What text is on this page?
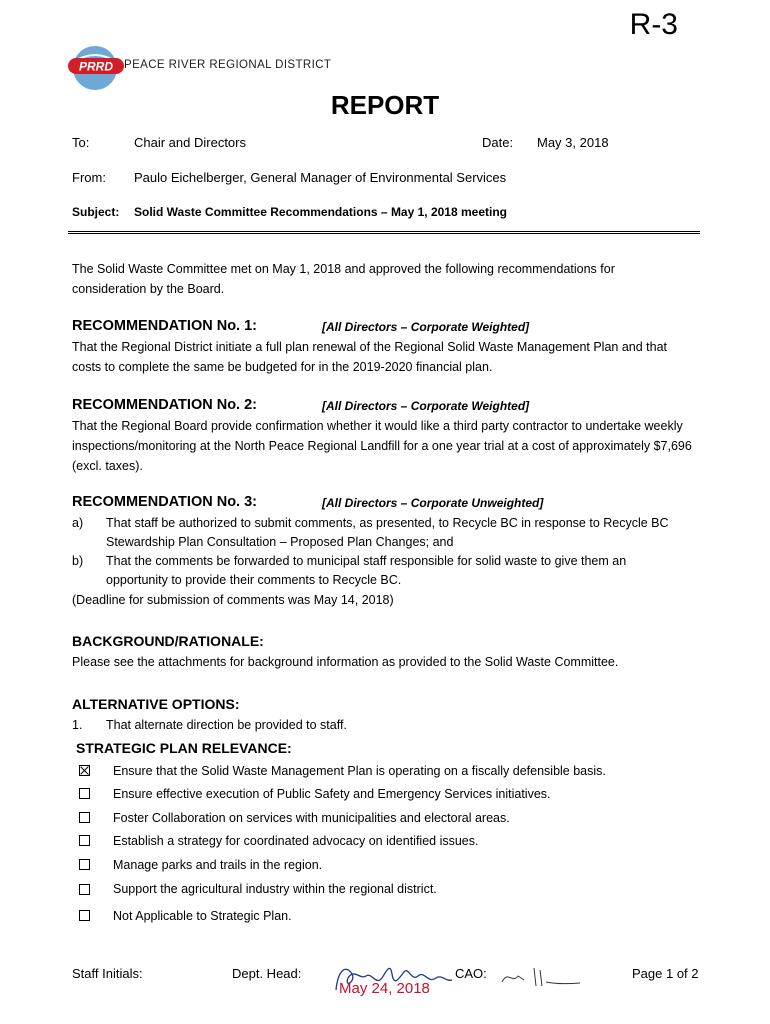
R-3
PRRD PEACE RIVER REGIONAL DISTRICT
REPORT
To:	Chair and Directors	Date: May 3, 2018
From: Paulo Eichelberger, General Manager of Environmental Services
Subject: Solid Waste Committee Recommendations – May 1, 2018 meeting

The Solid Waste Committee met on May 1, 2018 and approved the following recommendations for consideration by the Board.

RECOMMENDATION No. 1:	[All Directors – Corporate Weighted]

That the Regional District initiate a full plan renewal of the Regional Solid Waste Management Plan and that costs to complete the same be budgeted for in the 2019-2020 financial plan.

RECOMMENDATION No. 2:	[All Directors – Corporate Weighted]

That the Regional Board provide confirmation whether it would like a third party contractor to undertake weekly inspections/monitoring at the North Peace Regional Landfill for a one year trial at a cost of approximately $7,696 (excl. taxes).

RECOMMENDATION No. 3:	[All Directors – Corporate Unweighted]
a) That staff be authorized to submit comments, as presented, to Recycle BC in response to Recycle BC
Stewardship Plan Consultation – Proposed Plan Changes; and
b) That the comments be forwarded to municipal staff responsible for solid waste to give them an
opportunity to provide their comments to Recycle BC.
(Deadline for submission of comments was May 14, 2018)
BACKGROUND/RATIONALE:
Please see the attachments for background information as provided to the Solid Waste Committee.
ALTERNATIVE OPTIONS:
1. That alternate direction be provided to staff.
STRATEGIC PLAN RELEVANCE:
Ensure that the Solid Waste Management Plan is operating on a fiscally defensible basis.
Ensure effective execution of Public Safety and Emergency Services initiatives.
Foster Collaboration on services with municipalities and electoral areas.
Establish a strategy for coordinated advocacy on identified issues.
Manage parks and trails in the region.
Support the agricultural industry within the regional district.
Not Applicable to Strategic Plan.
Staff Initials:	Dept. Head:
May 24, 2018
CAO:	Page 1 of 2
